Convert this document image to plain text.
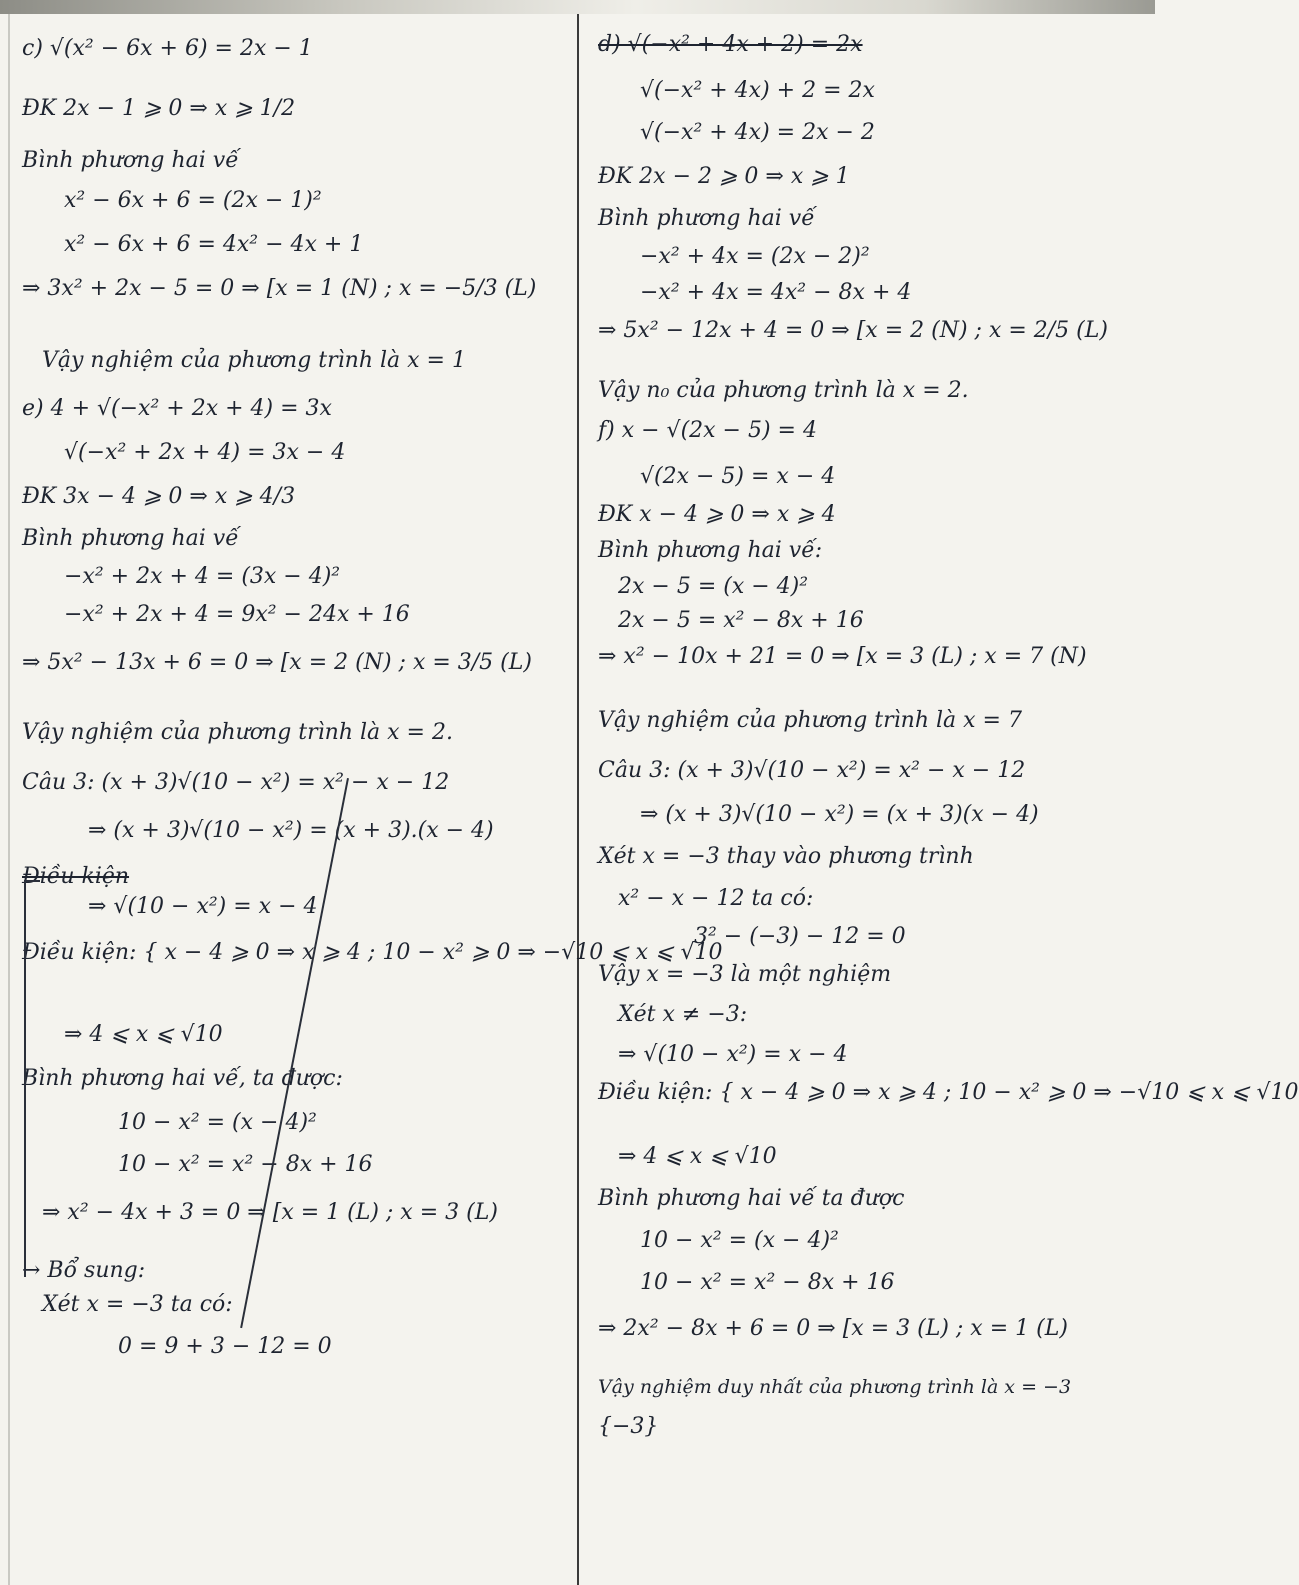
c) √(x² − 6x + 6) = 2x − 1
ĐK 2x − 1 ⩾ 0 ⇒ x ⩾ 1/2
Bình phương hai vế
x² − 6x + 6 = (2x − 1)²
x² − 6x + 6 = 4x² − 4x + 1
⇒ 3x² + 2x − 5 = 0 ⇒ [x = 1 (N) ; x = −5/3 (L)
Vậy nghiệm của phương trình là x = 1
e) 4 + √(−x² + 2x + 4) = 3x
√(−x² + 2x + 4) = 3x − 4
ĐK 3x − 4 ⩾ 0 ⇒ x ⩾ 4/3
Bình phương hai vế
−x² + 2x + 4 = (3x − 4)²
−x² + 2x + 4 = 9x² − 24x + 16
⇒ 5x² − 13x + 6 = 0 ⇒ [x = 2 (N) ; x = 3/5 (L)
Vậy nghiệm của phương trình là x = 2.
Câu 3: (x + 3)√(10 − x²) = x² − x − 12
⇒ (x + 3)√(10 − x²) = (x + 3).(x − 4)
Điều kiện
⇒ √(10 − x²) = x − 4
Điều kiện: { x − 4 ⩾ 0 ⇒ x ⩾ 4 ; 10 − x² ⩾ 0 ⇒ −√10 ⩽ x ⩽ √10
⇒ 4 ⩽ x ⩽ √10
Bình phương hai vế, ta được:
10 − x² = (x − 4)²
10 − x² = x² − 8x + 16
⇒ x² − 4x + 3 = 0 ⇒ [x = 1 (L) ; x = 3 (L)
→ Bổ sung:
Xét x = −3 ta có:
0 = 9 + 3 − 12 = 0
d) √(−x² + 4x + 2) = 2x
√(−x² + 4x) + 2 = 2x
√(−x² + 4x) = 2x − 2
ĐK 2x − 2 ⩾ 0 ⇒ x ⩾ 1
Bình phương hai vế
−x² + 4x = (2x − 2)²
−x² + 4x = 4x² − 8x + 4
⇒ 5x² − 12x + 4 = 0 ⇒ [x = 2 (N) ; x = 2/5 (L)
Vậy n₀ của phương trình là x = 2.
f) x − √(2x − 5) = 4
√(2x − 5) = x − 4
ĐK x − 4 ⩾ 0 ⇒ x ⩾ 4
Bình phương hai vế:
2x − 5 = (x − 4)²
2x − 5 = x² − 8x + 16
⇒ x² − 10x + 21 = 0 ⇒ [x = 3 (L) ; x = 7 (N)
Vậy nghiệm của phương trình là x = 7
Câu 3: (x + 3)√(10 − x²) = x² − x − 12
⇒ (x + 3)√(10 − x²) = (x + 3)(x − 4)
Xét x = −3 thay vào phương trình
x² − x − 12 ta có:
3² − (−3) − 12 = 0
Vậy x = −3 là một nghiệm
Xét x ≠ −3:
⇒ √(10 − x²) = x − 4
Điều kiện: { x − 4 ⩾ 0 ⇒ x ⩾ 4 ; 10 − x² ⩾ 0 ⇒ −√10 ⩽ x ⩽ √10
⇒ 4 ⩽ x ⩽ √10
Bình phương hai vế ta được
10 − x² = (x − 4)²
10 − x² = x² − 8x + 16
⇒ 2x² − 8x + 6 = 0 ⇒ [x = 3 (L) ; x = 1 (L)
Vậy nghiệm duy nhất của phương trình là x = −3
{−3}
